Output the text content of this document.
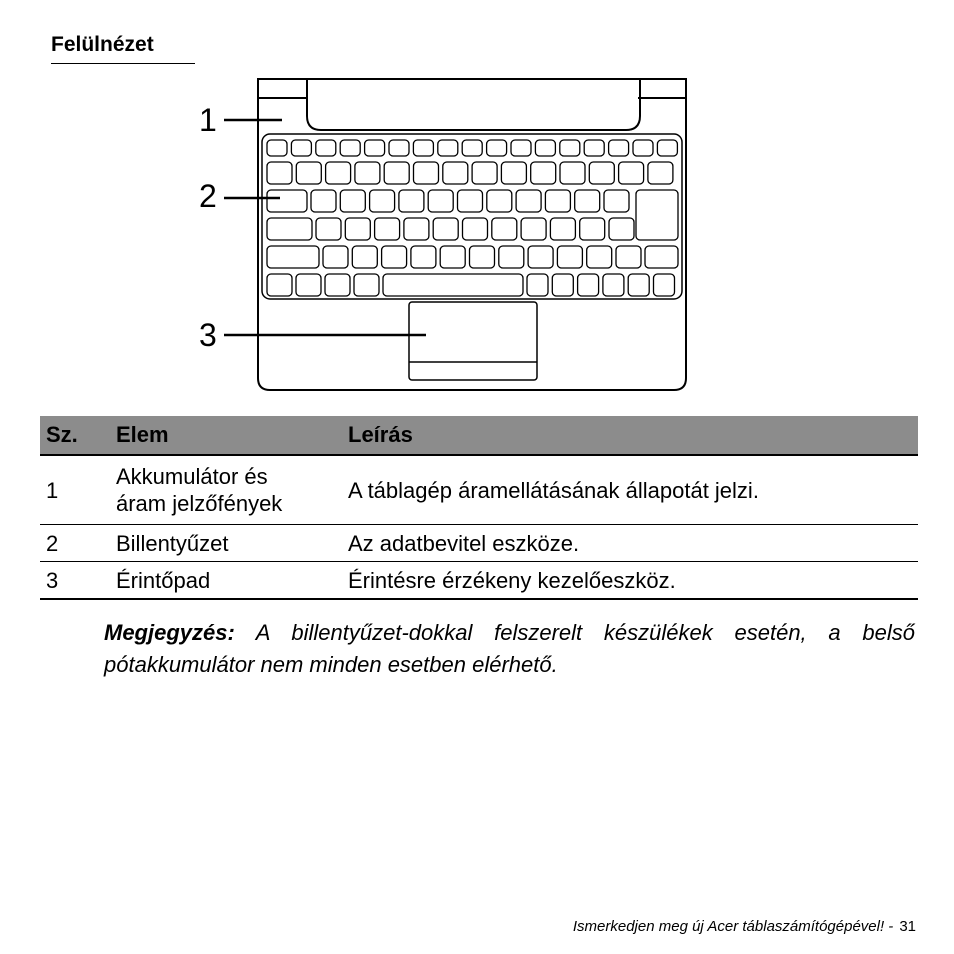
Felülnézet
1
2
3
Sz.	Elem	Leírás
1	Akkumulátor és
áram jelzőfények	A táblagép áramellátásának állapotát jelzi.
2	Billentyűzet	Az adatbevitel eszköze.
3	Érintőpad	Érintésre érzékeny kezelőeszköz.
Megjegyzés: A billentyűzet-dokkal felszerelt készülékek esetén, a belső pótakkumulátor nem minden esetben elérhető.
Ismerkedjen meg új Acer táblaszámítógépével! - 31
